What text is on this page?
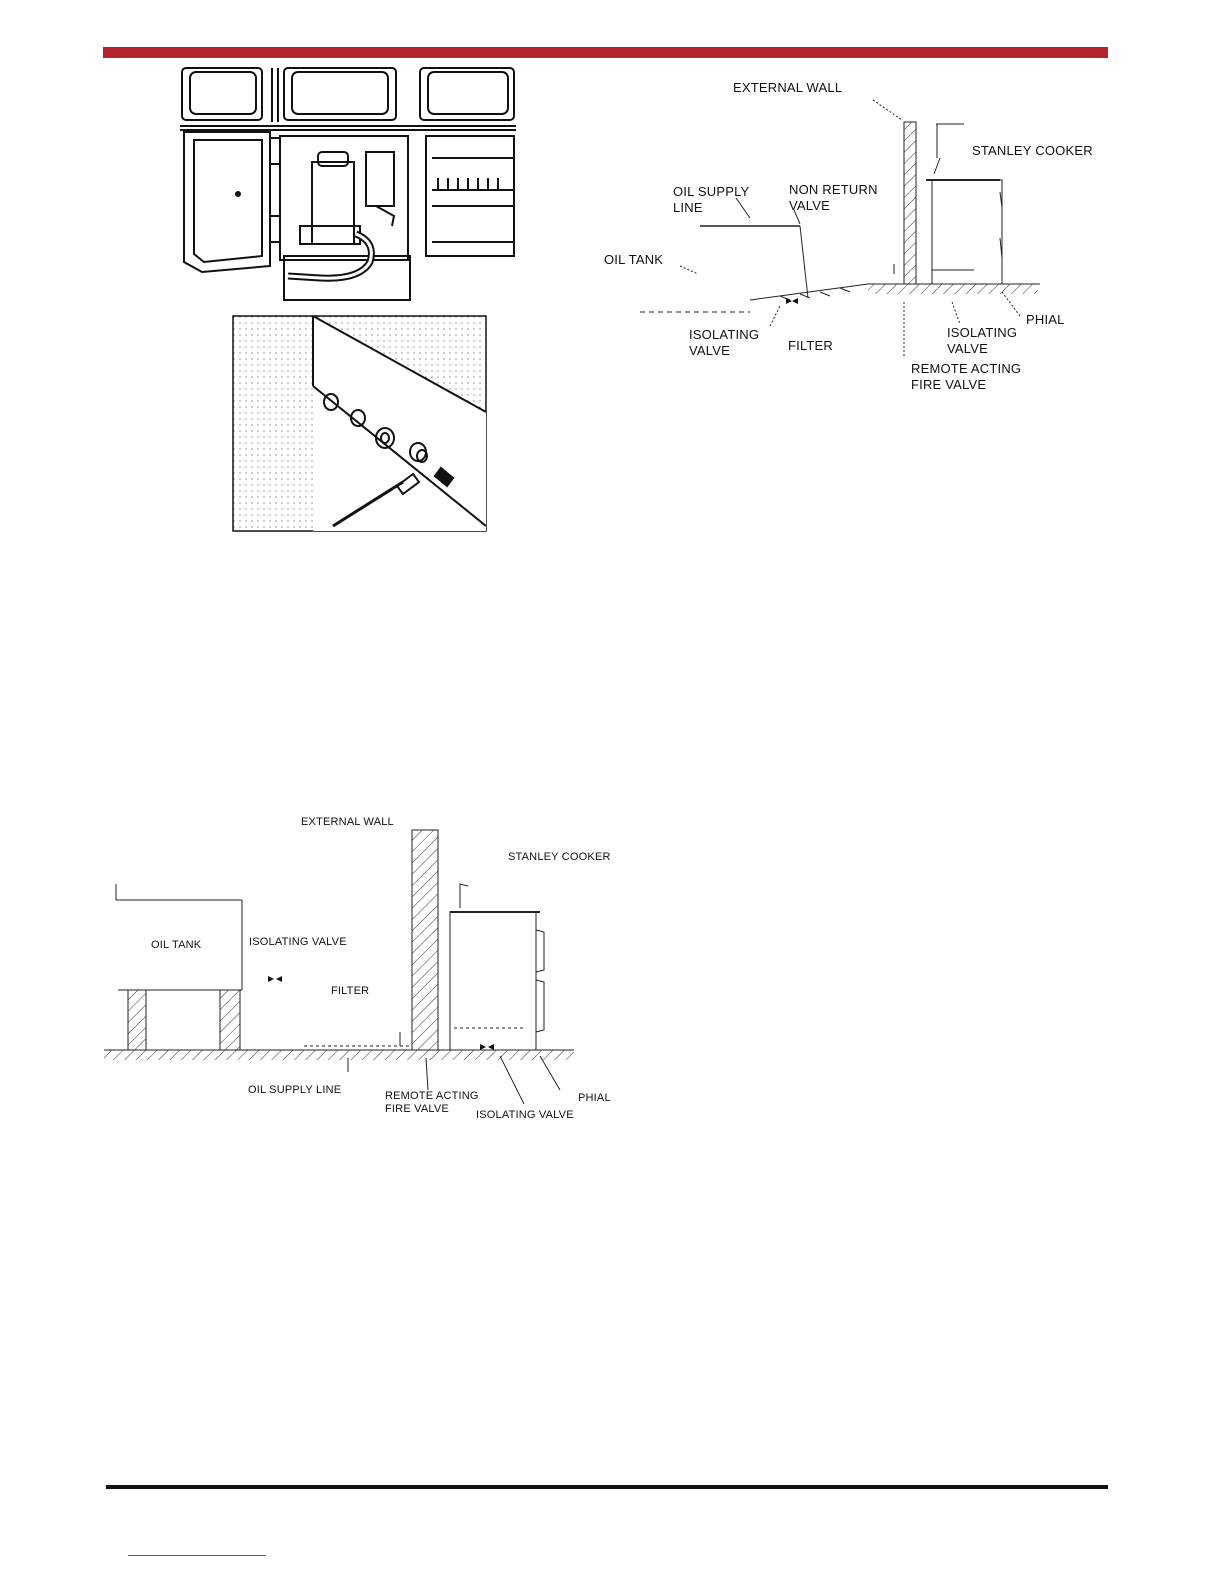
EXTERNAL WALL
STANLEY COOKER
OIL SUPPLY
LINE
NON RETURN
VALVE
OIL TANK
ISOLATING
VALVE	FILTER
PHIAL
ISOLATING
VALVE
REMOTE ACTING
FIRE VALVE
EXTERNAL WALL
STANLEY COOKER
OIL TANK	ISOLATING VALVE
FILTER
OIL SUPPLY LINE	REMOTE ACTING
FIRE VALVE	ISOLATING VALVE
PHIAL
